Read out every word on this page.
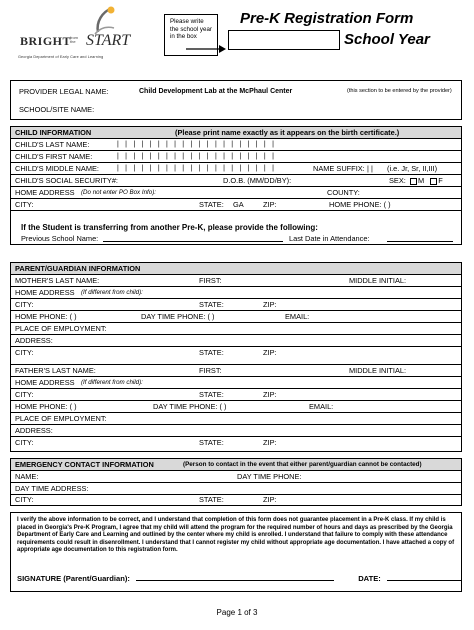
BRIGHT
from the START
Georgia Department of Early Care and Learning
Please write the school year in the box
Pre-K Registration Form
School Year
PROVIDER LEGAL NAME:	Child Development Lab at the McPhaul Center	(this section to be entered by the provider)
SCHOOL/SITE NAME:
CHILD INFORMATION	(Please print name exactly as it appears on the birth certificate.)
CHILD'S LAST NAME:	| | | | | | | | | | | | | | | | | | | |
CHILD'S FIRST NAME:	| | | | | | | | | | | | | | | | | | | |
CHILD'S MIDDLE NAME:	| | | | | | | | | | | | | | | | | | | |	NAME SUFFIX: | | (i.e. Jr, Sr, II,III)
CHILD'S SOCIAL SECURITY#:	D.O.B. (MM/DD/BY):	SEX:	M F
HOME ADDRESS (Do not enter PO Box Info):	COUNTY:
CITY:	STATE: GA	ZIP:	HOME PHONE: ( )
If the Student is transferring from another Pre-K, please provide the following:
Previous School Name:	Last Date in Attendance:
PARENT/GUARDIAN INFORMATION
MOTHER'S LAST NAME:	FIRST:	MIDDLE INITIAL:
HOME ADDRESS (If different from child):
CITY:	STATE:	ZIP:
HOME PHONE: ( )	DAY TIME PHONE: ( )	EMAIL:
PLACE OF EMPLOYMENT:
ADDRESS:
CITY:	STATE:	ZIP:
FATHER'S LAST NAME:	FIRST:	MIDDLE INITIAL:
HOME ADDRESS (If different from child):
CITY:	STATE:	ZIP:
HOME PHONE: ( )	DAY TIME PHONE: ( )	EMAIL:
PLACE OF EMPLOYMENT:
ADDRESS:
CITY:	STATE:	ZIP:
EMERGENCY CONTACT INFORMATION	(Person to contact in the event that either parent/guardian cannot be contacted)
NAME:	DAY TIME PHONE:
DAY TIME ADDRESS:
CITY:	STATE:	ZIP:
I verify the above information to be correct, and I understand that completion of this form does not guarantee placement in a Pre-K class. If my child is placed in Georgia's Pre-K Program, I agree that my child will attend the program for the required number of hours and days as prescribed by the Georgia Department of Early Care and Learning and outlined by the center where my child is enrolled. I understand that failure to comply with these attendance requirements could result in disenrollment. I understand that I cannot register my child without appropriate age documentation. I have attached a copy of appropriate age documentation to this registration form.
SIGNATURE (Parent/Guardian):	DATE:
Page 1 of 3
